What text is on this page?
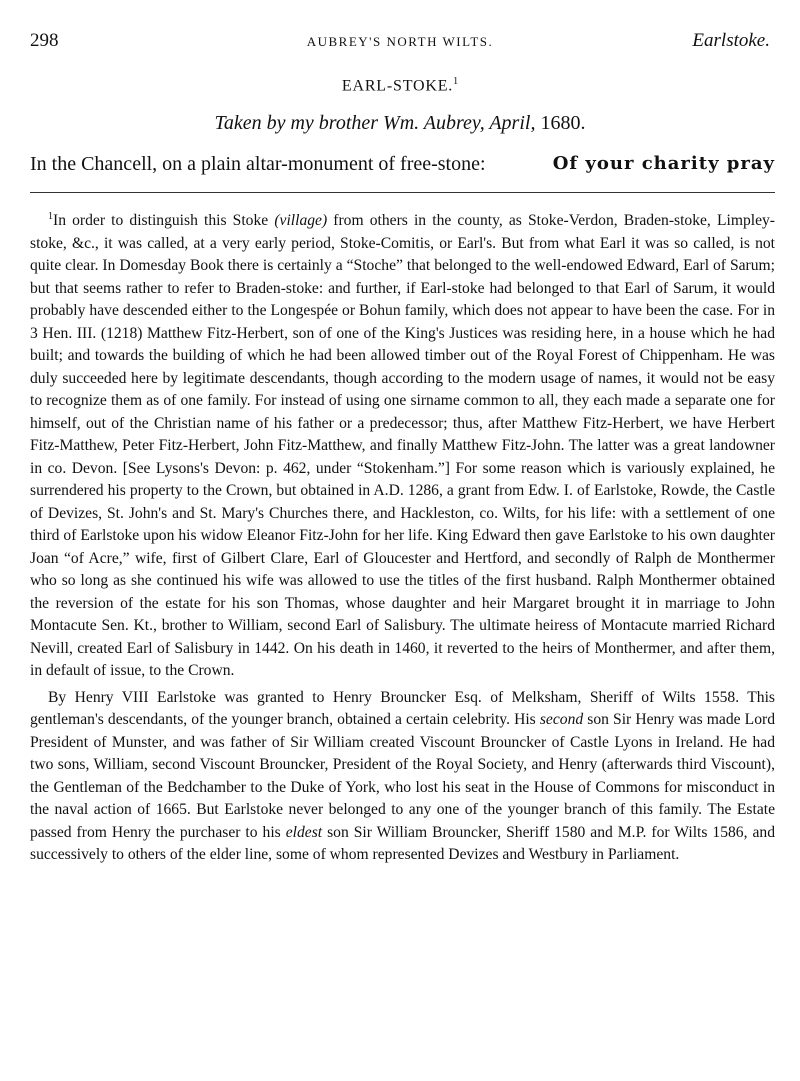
298	AUBREY'S NORTH WILTS.	Earlstoke.
EARL-STOKE.$^1$
Taken by my brother Wm. Aubrey, April, 1680.
In the Chancell, on a plain altar-monument of free-stone:	Of your charity pray

$^1$In order to distinguish this Stoke (village) from others in the county, as Stoke-Verdon, Braden-stoke, Limpley-stoke, &c., it was called, at a very early period, Stoke-Comitis, or Earl's. But from what Earl it was so called, is not quite clear. In Domesday Book there is certainly a “Stoche” that belonged to the well-endowed Edward, Earl of Sarum; but that seems rather to refer to Braden-stoke: and further, if Earl-stoke had belonged to that Earl of Sarum, it would probably have descended either to the Longespée or Bohun family, which does not appear to have been the case. For in 3 Hen. III. (1218) Matthew Fitz-Herbert, son of one of the King's Justices was residing here, in a house which he had built; and towards the building of which he had been allowed timber out of the Royal Forest of Chippenham. He was duly succeeded here by legitimate descendants, though according to the modern usage of names, it would not be easy to recognize them as of one family. For instead of using one sirname common to all, they each made a separate one for himself, out of the Christian name of his father or a predecessor; thus, after Matthew Fitz-Herbert, we have Herbert Fitz-Matthew, Peter Fitz-Herbert, John Fitz-Matthew, and finally Matthew Fitz-John. The latter was a great landowner in co. Devon. [See Lysons's Devon: p. 462, under “Stokenham.”] For some reason which is variously explained, he surrendered his property to the Crown, but obtained in A.D. 1286, a grant from Edw. I. of Earlstoke, Rowde, the Castle of Devizes, St. John's and St. Mary's Churches there, and Hackleston, co. Wilts, for his life: with a settlement of one third of Earlstoke upon his widow Eleanor Fitz-John for her life. King Edward then gave Earlstoke to his own daughter Joan “of Acre,” wife, first of Gilbert Clare, Earl of Gloucester and Hertford, and secondly of Ralph de Monthermer who so long as she continued his wife was allowed to use the titles of the first husband. Ralph Monthermer obtained the reversion of the estate for his son Thomas, whose daughter and heir Margaret brought it in marriage to John Montacute Sen. Kt., brother to William, second Earl of Salisbury. The ultimate heiress of Montacute married Richard Nevill, created Earl of Salisbury in 1442. On his death in 1460, it reverted to the heirs of Monthermer, and after them, in default of issue, to the Crown.

By Henry VIII Earlstoke was granted to Henry Brouncker Esq. of Melksham, Sheriff of Wilts 1558. This gentleman's descendants, of the younger branch, obtained a certain celebrity. His second son Sir Henry was made Lord President of Munster, and was father of Sir William created Viscount Brouncker of Castle Lyons in Ireland. He had two sons, William, second Viscount Brouncker, President of the Royal Society, and Henry (afterwards third Viscount), the Gentleman of the Bedchamber to the Duke of York, who lost his seat in the House of Commons for misconduct in the naval action of 1665. But Earlstoke never belonged to any one of the younger branch of this family. The Estate passed from Henry the purchaser to his eldest son Sir William Brouncker, Sheriff 1580 and M.P. for Wilts 1586, and successively to others of the elder line, some of whom represented Devizes and Westbury in Parliament.
